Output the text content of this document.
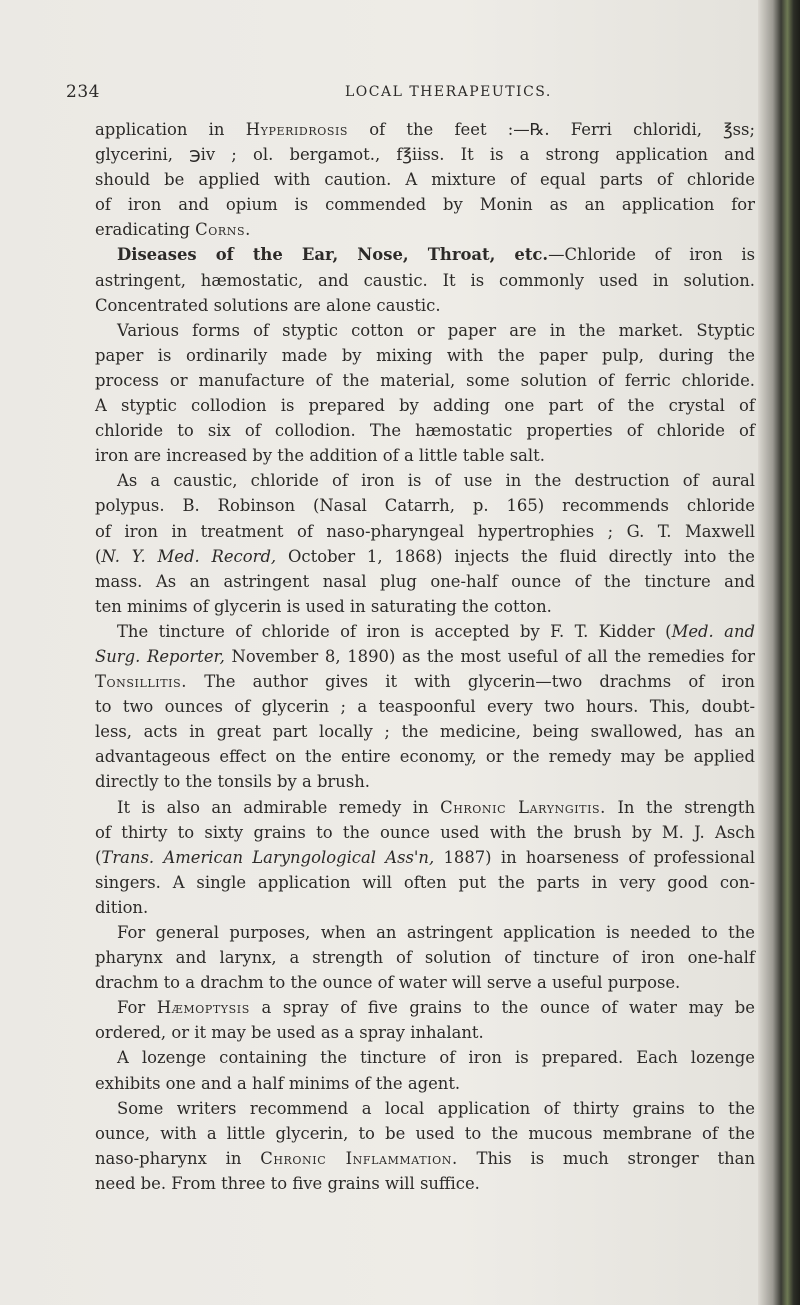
234	LOCAL THERAPEUTICS.
application in Hyperidrosis of the feet :—℞. Ferri chloridi, ℥ss;
glycerini, ℈iv ; ol. bergamot., f℥iiss. It is a strong application and
should be applied with caution. A mixture of equal parts of chloride
of iron and opium is commended by Monin as an application for
eradicating Corns.
Diseases of the Ear, Nose, Throat, etc.—Chloride of iron is
astringent, hæmostatic, and caustic. It is commonly used in solution.
Concentrated solutions are alone caustic.
Various forms of styptic cotton or paper are in the market. Styptic
paper is ordinarily made by mixing with the paper pulp, during the
process or manufacture of the material, some solution of ferric chloride.
A styptic collodion is prepared by adding one part of the crystal of
chloride to six of collodion. The hæmostatic properties of chloride of
iron are increased by the addition of a little table salt.
As a caustic, chloride of iron is of use in the destruction of aural
polypus. B. Robinson (Nasal Catarrh, p. 165) recommends chloride
of iron in treatment of naso-pharyngeal hypertrophies ; G. T. Maxwell
(N. Y. Med. Record, October 1, 1868) injects the fluid directly into the
mass. As an astringent nasal plug one-half ounce of the tincture and
ten minims of glycerin is used in saturating the cotton.
The tincture of chloride of iron is accepted by F. T. Kidder (Med. and
Surg. Reporter, November 8, 1890) as the most useful of all the remedies for
Tonsillitis. The author gives it with glycerin—two drachms of iron
to two ounces of glycerin ; a teaspoonful every two hours. This, doubt-
less, acts in great part locally ; the medicine, being swallowed, has an
advantageous effect on the entire economy, or the remedy may be applied
directly to the tonsils by a brush.
It is also an admirable remedy in Chronic Laryngitis. In the strength
of thirty to sixty grains to the ounce used with the brush by M. J. Asch
(Trans. American Laryngological Ass'n, 1887) in hoarseness of professional
singers. A single application will often put the parts in very good con-
dition.
For general purposes, when an astringent application is needed to the
pharynx and larynx, a strength of solution of tincture of iron one-half
drachm to a drachm to the ounce of water will serve a useful purpose.
For Hæmoptysis a spray of five grains to the ounce of water may be
ordered, or it may be used as a spray inhalant.
A lozenge containing the tincture of iron is prepared. Each lozenge
exhibits one and a half minims of the agent.
Some writers recommend a local application of thirty grains to the
ounce, with a little glycerin, to be used to the mucous membrane of the
naso-pharynx in Chronic Inflammation. This is much stronger than
need be. From three to five grains will suffice.
